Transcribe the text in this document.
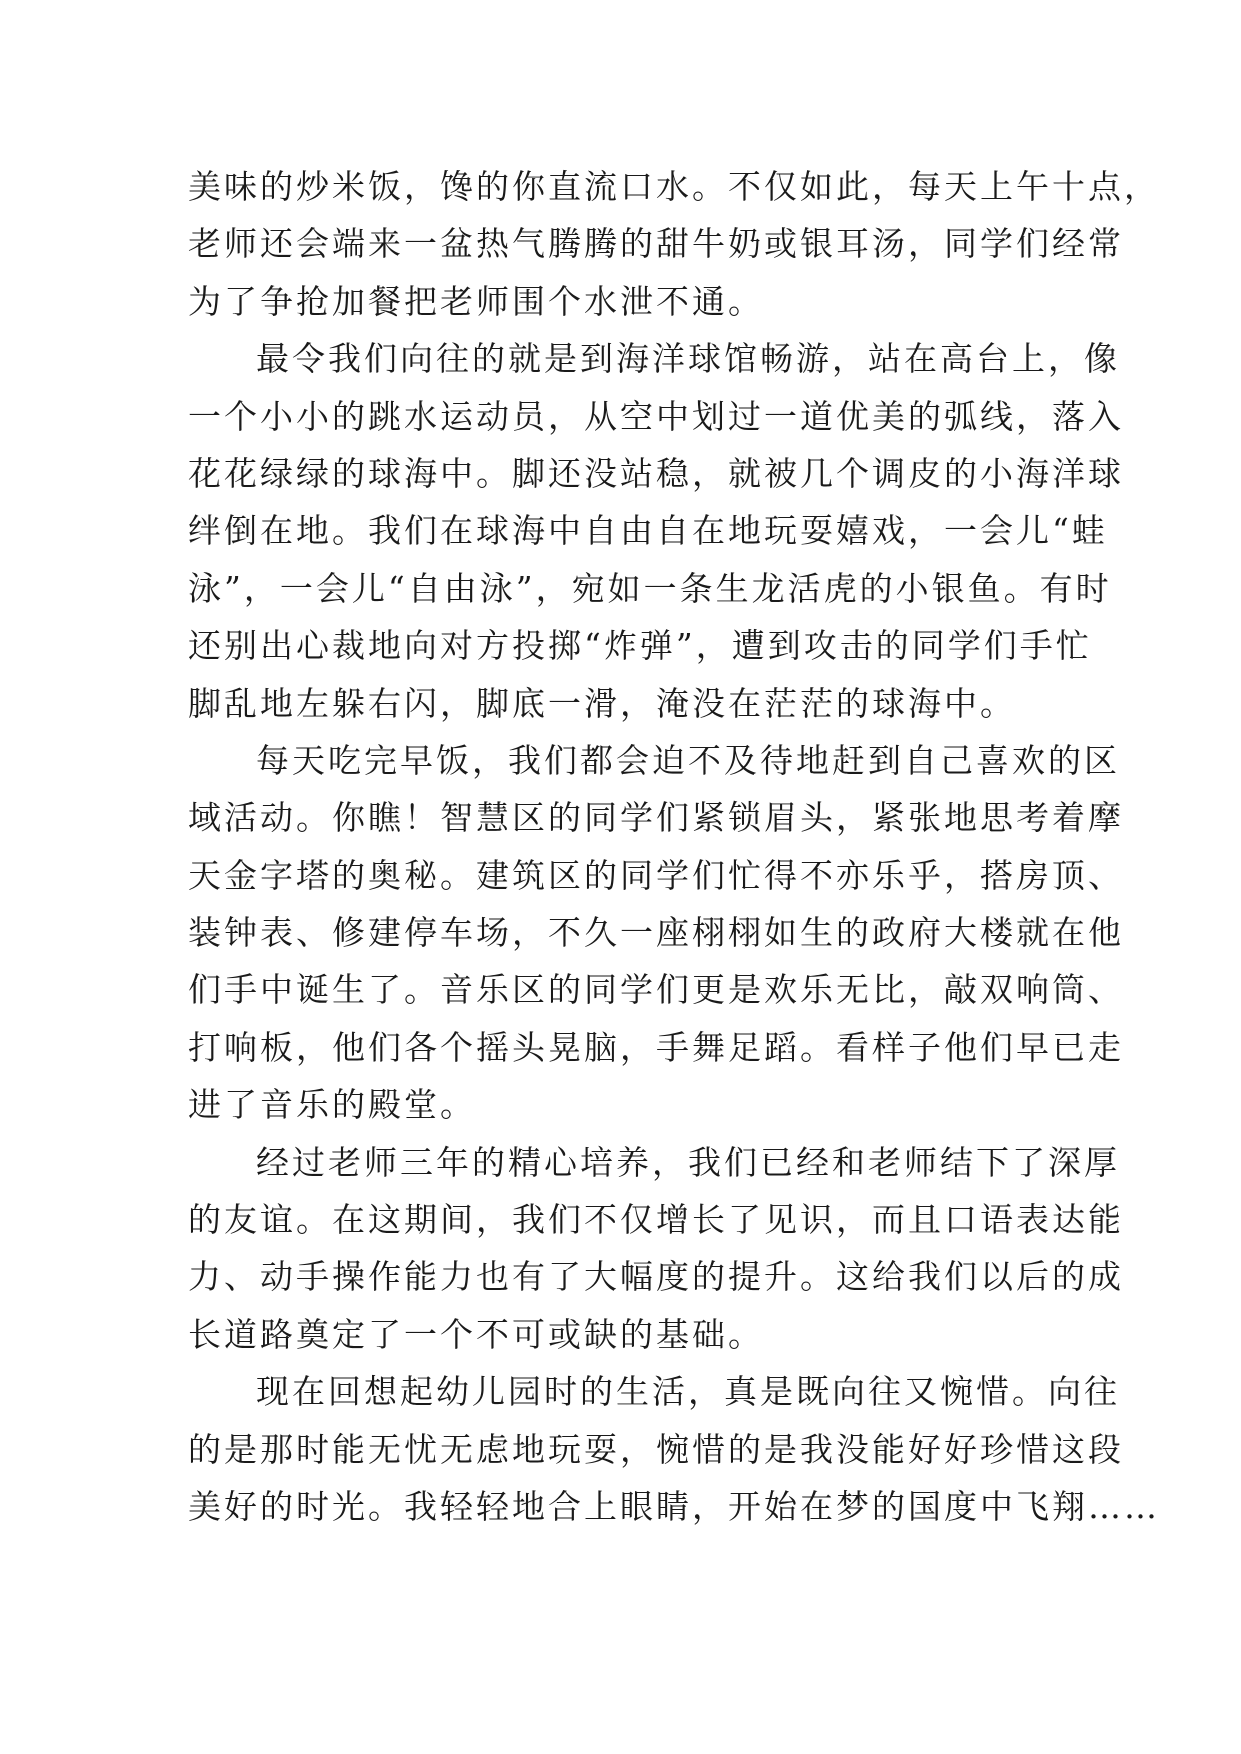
美味的炒米饭，馋的你直流口水。不仅如此，每天上午十点，
老师还会端来一盆热气腾腾的甜牛奶或银耳汤，同学们经常
为了争抢加餐把老师围个水泄不通。
最令我们向往的就是到海洋球馆畅游，站在高台上，像
一个小小的跳水运动员，从空中划过一道优美的弧线，落入
花花绿绿的球海中。脚还没站稳，就被几个调皮的小海洋球
绊倒在地。我们在球海中自由自在地玩耍嬉戏，一会儿“蛙
泳”，一会儿“自由泳”，宛如一条生龙活虎的小银鱼。有时
还别出心裁地向对方投掷“炸弹”，遭到攻击的同学们手忙
脚乱地左躲右闪，脚底一滑，淹没在茫茫的球海中。
每天吃完早饭，我们都会迫不及待地赶到自己喜欢的区
域活动。你瞧！智慧区的同学们紧锁眉头，紧张地思考着摩
天金字塔的奥秘。建筑区的同学们忙得不亦乐乎，搭房顶、
装钟表、修建停车场，不久一座栩栩如生的政府大楼就在他
们手中诞生了。音乐区的同学们更是欢乐无比，敲双响筒、
打响板，他们各个摇头晃脑，手舞足蹈。看样子他们早已走
进了音乐的殿堂。
经过老师三年的精心培养，我们已经和老师结下了深厚
的友谊。在这期间，我们不仅增长了见识，而且口语表达能
力、动手操作能力也有了大幅度的提升。这给我们以后的成
长道路奠定了一个不可或缺的基础。
现在回想起幼儿园时的生活，真是既向往又惋惜。向往
的是那时能无忧无虑地玩耍，惋惜的是我没能好好珍惜这段
美好的时光。我轻轻地合上眼睛，开始在梦的国度中飞翔……
